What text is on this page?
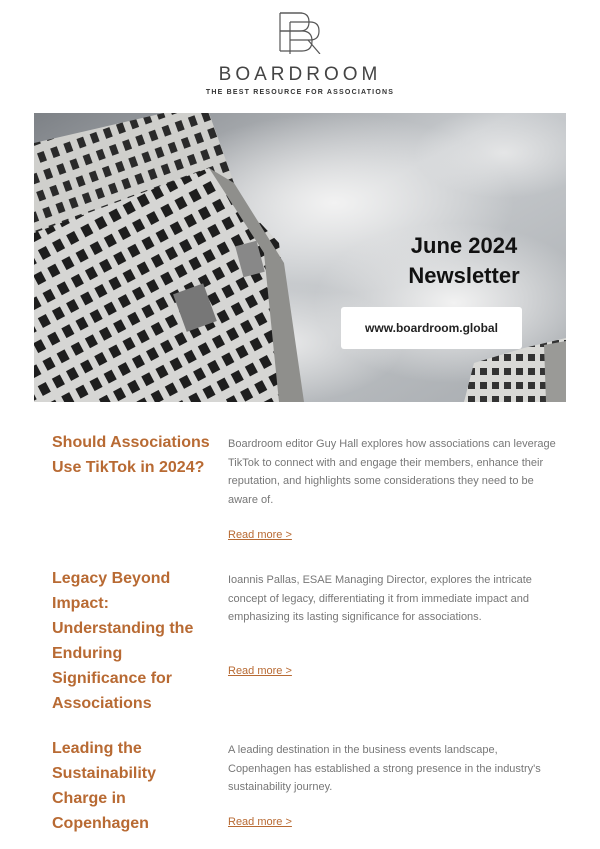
BOARDROOM
THE BEST RESOURCE FOR ASSOCIATIONS
June 2024
Newsletter
www.boardroom.global
Should Associations Use TikTok in 2024?
Boardroom editor Guy Hall explores how associations can leverage TikTok to connect with and engage their members, enhance their reputation, and highlights some considerations they need to be aware of.
Read more >
Legacy Beyond Impact: Understanding the Enduring Significance for Associations
Ioannis Pallas, ESAE Managing Director, explores the intricate concept of legacy, differentiating it from immediate impact and emphasizing its lasting significance for associations.
Read more >
Leading the Sustainability Charge in Copenhagen
A leading destination in the business events landscape, Copenhagen has established a strong presence in the industry's sustainability journey.
Read more >
